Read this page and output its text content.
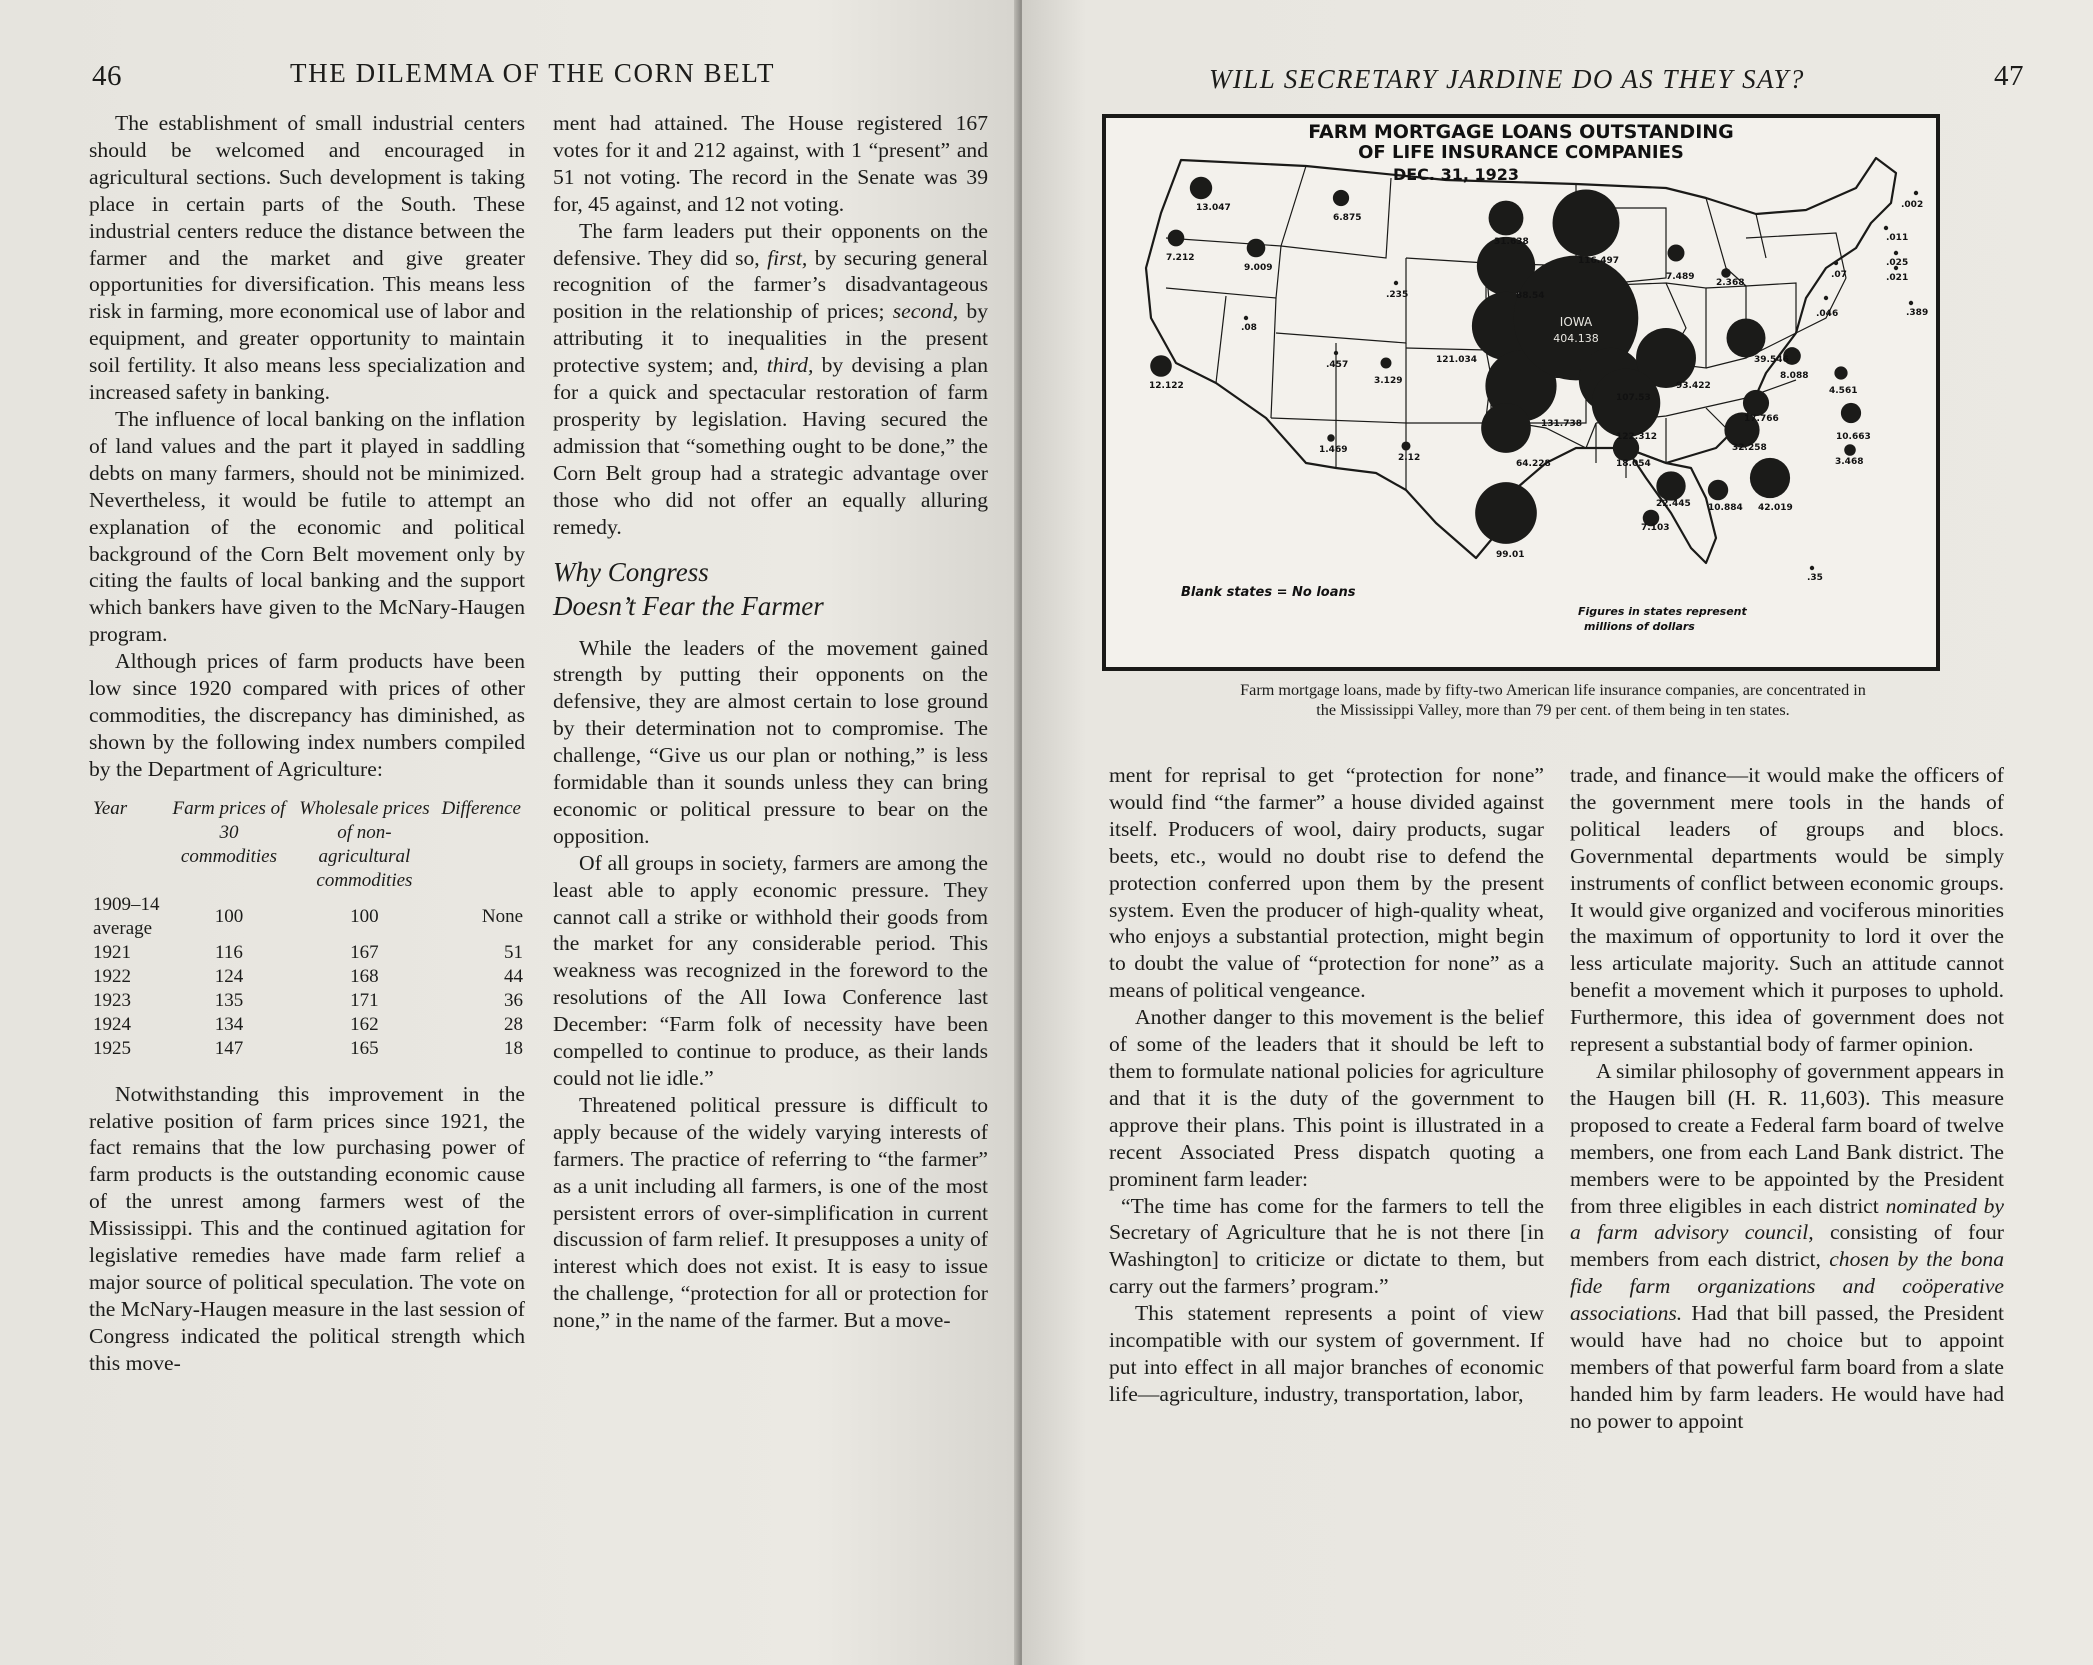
46	THE DILEMMA OF THE CORN BELT

The establishment of small industrial centers should be welcomed and encouraged in agricultural sections. Such development is taking place in certain parts of the South. These industrial centers reduce the distance between the farmer and the market and give greater opportunities for diversification. This means less risk in farming, more economical use of labor and equipment, and greater opportunity to maintain soil fertility. It also means less specialization and increased safety in banking.

The influence of local banking on the inflation of land values and the part it played in saddling debts on many farmers, should not be minimized. Nevertheless, it would be futile to attempt an explanation of the economic and political background of the Corn Belt movement only by citing the faults of local banking and the support which bankers have given to the McNary-Haugen program.

Although prices of farm products have been low since 1920 compared with prices of other commodities, the discrepancy has diminished, as shown by the following index numbers compiled by the Department of Agriculture:

Year	Farm prices of 30 commodities	Wholesale prices of non-agricultural commodities	Difference
1909–14 average	100	100	None
1921	116	167	51
1922	124	168	44
1923	135	171	36
1924	134	162	28
1925	147	165	18

Notwithstanding this improvement in the relative position of farm prices since 1921, the fact remains that the low purchasing power of farm products is the outstanding economic cause of the unrest among farmers west of the Mississippi. This and the continued agitation for legislative remedies have made farm relief a major source of political speculation. The vote on the McNary-Haugen measure in the last session of Congress indicated the political strength which this move-

ment had attained. The House registered 167 votes for it and 212 against, with 1 “present” and 51 not voting. The record in the Senate was 39 for, 45 against, and 12 not voting.

The farm leaders put their opponents on the defensive. They did so, first, by securing general recognition of the farmer’s disadvantageous position in the relationship of prices; second, by attributing it to inequalities in the present protective system; and, third, by devising a plan for a quick and spectacular restoration of farm prosperity by legislation. Having secured the admission that “something ought to be done,” the Corn Belt group had a strategic advantage over those who did not offer an equally alluring remedy.

Why Congress
Doesn’t Fear the Farmer

While the leaders of the movement gained strength by putting their opponents on the defensive, they are almost certain to lose ground by their determination not to compromise. The challenge, “Give us our plan or nothing,” is less formidable than it sounds unless they can bring economic or political pressure to bear on the opposition.

Of all groups in society, farmers are among the least able to apply economic pressure. They cannot call a strike or withhold their goods from the market for any considerable period. This weakness was recognized in the foreword to the resolutions of the All Iowa Conference last December: “Farm folk of necessity have been compelled to continue to produce, as their lands could not lie idle.”

Threatened political pressure is difficult to apply because of the widely varying interests of farmers. The practice of referring to “the farmer” as a unit including all farmers, is one of the most persistent errors of over-simplification in current discussion of farm relief. It presupposes a unity of interest which does not exist. It is easy to issue the challenge, “protection for all or protection for none,” in the name of the farmer. But a move-

WILL SECRETARY JARDINE DO AS THEY SAY?	47
13.047
7.212
9.009
6.875
.235
.08
12.122
.457
3.129
1.469
2.12
31.638
88.54
121.034
131.738
64.228
99.01
404.138
116.497
7.489
2.368
107.53
93.422
39.546
122.312
18.054
7.103
22.445 10.884 42.019
.35
32.258
17.766
8.088
4.561
10.663
3.468
.046
.07
.002
.011
.025
.021
.389
FARM MORTGAGE LOANS OUTSTANDING
OF LIFE INSURANCE COMPANIES
DEC. 31, 1923
IOWA
Blank states = No loans
Figures in states represent
millions of dollars
Farm mortgage loans, made by fifty-two American life insurance companies, are concentrated in
the Mississippi Valley, more than 79 per cent. of them being in ten states.

ment for reprisal to get “protection for none” would find “the farmer” a house divided against itself. Producers of wool, dairy products, sugar beets, etc., would no doubt rise to defend the protection conferred upon them by the present system. Even the producer of high-quality wheat, who enjoys a substantial protection, might begin to doubt the value of “protection for none” as a means of political vengeance.

Another danger to this movement is the belief of some of the leaders that it should be left to them to formulate national policies for agriculture and that it is the duty of the government to approve their plans. This point is illustrated in a recent Associated Press dispatch quoting a prominent farm leader:

“The time has come for the farmers to tell the Secretary of Agriculture that he is not there [in Washington] to criticize or dictate to them, but carry out the farmers’ program.”

This statement represents a point of view incompatible with our system of government. If put into effect in all major branches of economic life—agriculture, industry, transportation, labor,

trade, and finance—it would make the officers of the government mere tools in the hands of political leaders of groups and blocs. Governmental departments would be simply instruments of conflict between economic groups. It would give organized and vociferous minorities the maximum of opportunity to lord it over the less articulate majority. Such an attitude cannot benefit a movement which it purposes to uphold. Furthermore, this idea of government does not represent a substantial body of farmer opinion.

A similar philosophy of government appears in the Haugen bill (H. R. 11,603). This measure proposed to create a Federal farm board of twelve members, one from each Land Bank district. The members were to be appointed by the President from three eligibles in each district nominated by a farm advisory council, consisting of four members from each district, chosen by the bona fide farm organizations and coöperative associations. Had that bill passed, the President would have had no choice but to appoint members of that powerful farm board from a slate handed him by farm leaders. He would have had no power to appoint
